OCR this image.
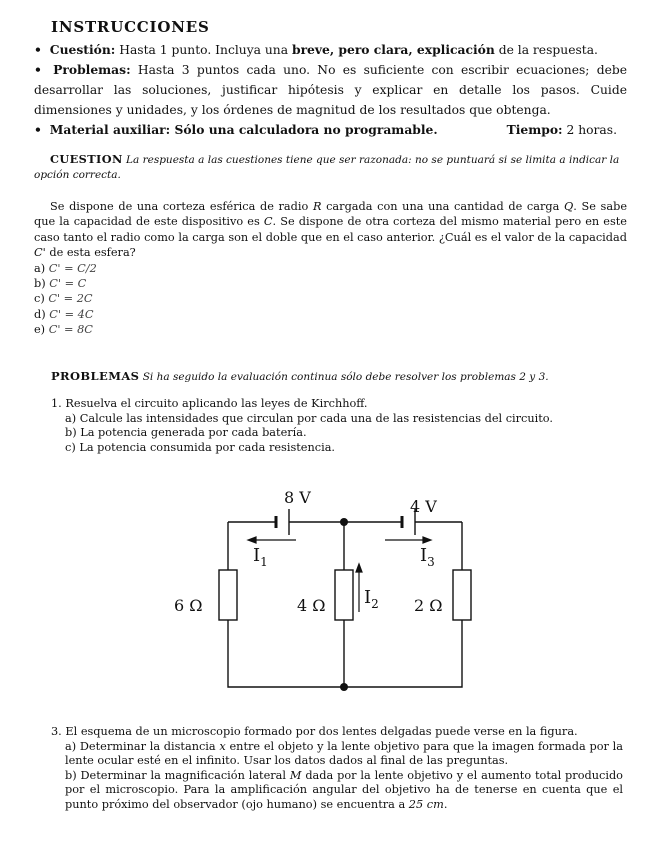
INSTRUCCIONES
• Cuestión: Hasta 1 punto. Incluya una breve, pero clara, explicación de la respuesta.
• Problemas: Hasta 3 puntos cada uno. No es suficiente con escribir ecuaciones; debe desarrollar las soluciones, justificar hipótesis y explicar en detalle los pasos. Cuide dimensiones y unidades, y los órdenes de magnitud de los resultados que obtenga.
• Material auxiliar: Sólo una calculadora no programable.	Tiempo: 2 horas.
CUESTION La respuesta a las cuestiones tiene que ser razonada: no se puntuará si se limita a indicar la opción correcta.
Se dispone de una corteza esférica de radio R cargada con una una cantidad de carga Q. Se sabe que la capacidad de este dispositivo es C. Se dispone de otra corteza del mismo material pero en este caso tanto el radio como la carga son el doble que en el caso anterior. ¿Cuál es el valor de la capacidad C' de esta esfera?
a) C' = C/2
b) C' = C
c) C' = 2C
d) C' = 4C
e) C' = 8C
PROBLEMAS Si ha seguido la evaluación continua sólo debe resolver los problemas 2 y 3.
1. Resuelva el circuito aplicando las leyes de Kirchhoff.
a) Calcule las intensidades que circulan por cada una de las resistencias del circuito.
b) La potencia generada por cada batería.
c) La potencia consumida por cada resistencia.
8 V	4 V
$I_1$	$I_3$
$I_2$
6 Ω	4 Ω	2 Ω
3. El esquema de un microscopio formado por dos lentes delgadas puede verse en la figura.
a) Determinar la distancia x entre el objeto y la lente objetivo para que la imagen formada por la lente ocular esté en el infinito. Usar los datos dados al final de las preguntas.
b) Determinar la magnificación lateral M dada por la lente objetivo y el aumento total producido por el microscopio. Para la amplificación angular del objetivo ha de tenerse en cuenta que el punto próximo del observador (ojo humano) se encuentra a 25 cm.
